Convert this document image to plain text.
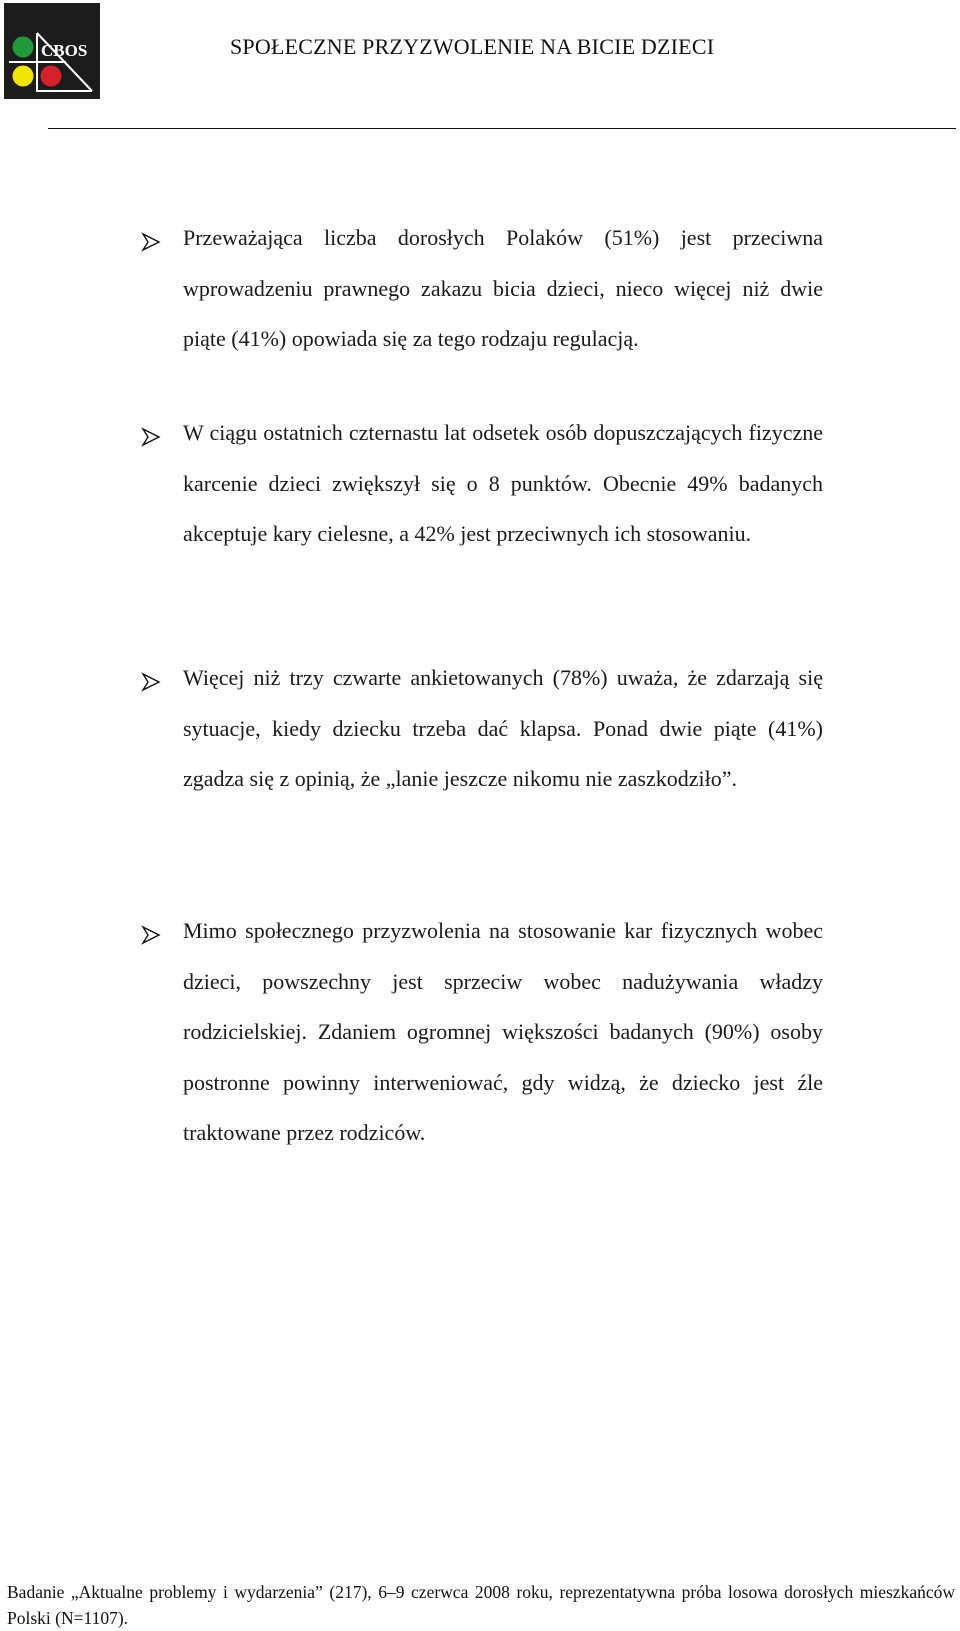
CBOS	SPOŁECZNE PRZYZWOLENIE NA BICIE DZIECI
Przeważająca liczba dorosłych Polaków (51%) jest przeciwna wprowadzeniu prawnego zakazu bicia dzieci, nieco więcej niż dwie piąte (41%) opowiada się za tego rodzaju regulacją.
W ciągu ostatnich czternastu lat odsetek osób dopuszczających fizyczne karcenie dzieci zwiększył się o 8 punktów. Obecnie 49% badanych akceptuje kary cielesne, a 42% jest przeciwnych ich stosowaniu.
Więcej niż trzy czwarte ankietowanych (78%) uważa, że zdarzają się sytuacje, kiedy dziecku trzeba dać klapsa. Ponad dwie piąte (41%) zgadza się z opinią, że „lanie jeszcze nikomu nie zaszkodziło”.
Mimo społecznego przyzwolenia na stosowanie kar fizycznych wobec dzieci, powszechny jest sprzeciw wobec nadużywania władzy rodzicielskiej. Zdaniem ogromnej większości badanych (90%) osoby postronne powinny interweniować, gdy widzą, że dziecko jest źle traktowane przez rodziców.
Badanie „Aktualne problemy i wydarzenia” (217), 6–9 czerwca 2008 roku, reprezentatywna próba losowa dorosłych mieszkańców Polski (N=1107).
